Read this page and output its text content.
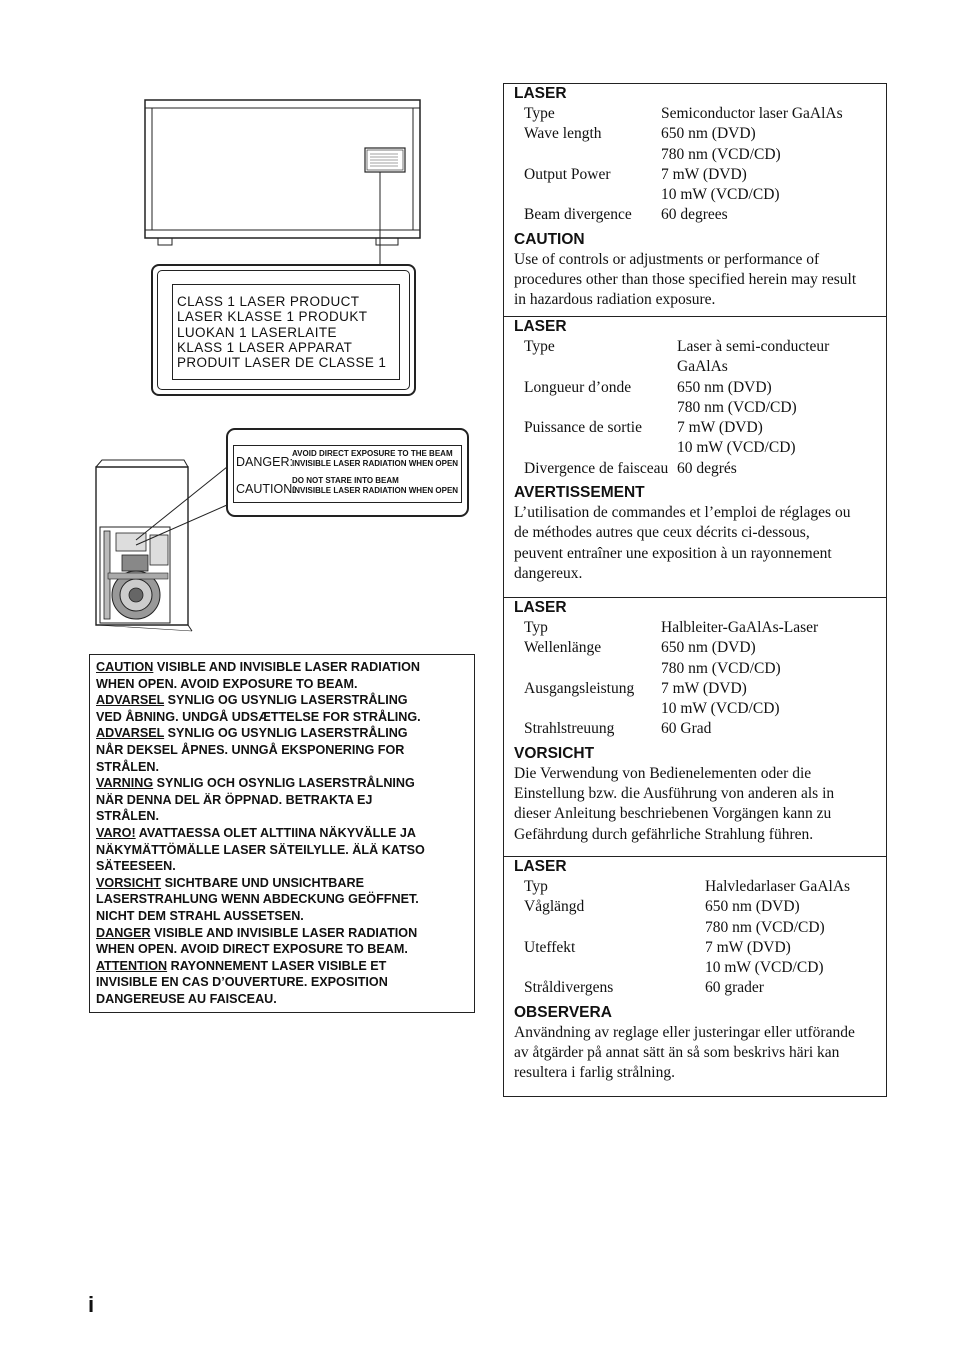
CLASS 1 LASER PRODUCT
LASER KLASSE 1 PRODUKT
LUOKAN 1 LASERLAITE
KLASS 1 LASER APPARAT
PRODUIT LASER DE CLASSE 1
DANGER:
AVOID DIRECT EXPOSURE TO THE BEAM
INVISIBLE LASER RADIATION WHEN OPEN
CAUTION:
DO NOT STARE INTO BEAM
INVISIBLE LASER RADIATION WHEN OPEN
CAUTION VISIBLE AND INVISIBLE LASER RADIATION
WHEN OPEN. AVOID EXPOSURE TO BEAM.
ADVARSEL SYNLIG OG USYNLIG LASERSTRÅLING
VED ÅBNING. UNDGÅ UDSÆTTELSE FOR STRÅLING.
ADVARSEL SYNLIG OG USYNLIG LASERSTRÅLING
NÅR DEKSEL ÅPNES. UNNGÅ EKSPONERING FOR
STRÅLEN.
VARNING SYNLIG OCH OSYNLIG LASERSTRÅLNING
NÄR DENNA DEL ÄR ÖPPNAD. BETRAKTA EJ
STRÅLEN.
VARO! AVATTAESSA OLET ALTTIINA NÄKYVÄLLE JA
NÄKYMÄTTÖMÄLLE LASER SÄTEILYLLE. ÄLÄ KATSO
SÄTEESEEN.
VORSICHT SICHTBARE UND UNSICHTBARE
LASERSTRAHLUNG WENN ABDECKUNG GEÖFFNET.
NICHT DEM STRAHL AUSSETSEN.
DANGER VISIBLE AND INVISIBLE LASER RADIATION
WHEN OPEN. AVOID DIRECT EXPOSURE TO BEAM.
ATTENTION RAYONNEMENT LASER VISIBLE ET
INVISIBLE EN CAS D’OUVERTURE. EXPOSITION
DANGEREUSE AU FAISCEAU.
LASER
Type	Semiconductor laser GaAlAs
Wave length	650 nm (DVD)
780 nm (VCD/CD)
Output Power	7 mW (DVD)
10 mW (VCD/CD)
Beam divergence	60 degrees
CAUTION
Use of controls or adjustments or performance of
procedures other than those specified herein may result
in hazardous radiation exposure.
LASER
Type	Laser à semi-conducteur
GaAlAs
Longueur d’onde	650 nm (DVD)
780 nm (VCD/CD)
Puissance de sortie	7 mW (DVD)
10 mW (VCD/CD)
Divergence de faisceau 60 degrés
AVERTISSEMENT
L’utilisation de commandes et l’emploi de réglages ou
de méthodes autres que ceux décrits ci-dessous,
peuvent entraîner une exposition à un rayonnement
dangereux.
LASER
Typ	Halbleiter-GaAlAs-Laser
Wellenlänge	650 nm (DVD)
780 nm (VCD/CD)
Ausgangsleistung	7 mW (DVD)
10 mW (VCD/CD)
Strahlstreuung	60 Grad
VORSICHT
Die Verwendung von Bedienelementen oder die
Einstellung bzw. die Ausführung von anderen als in
dieser Anleitung beschriebenen Vorgängen kann zu
Gefährdung durch gefährliche Strahlung führen.
LASER
Typ	Halvledarlaser GaAlAs
Våglängd	650 nm (DVD)
780 nm (VCD/CD)
Uteffekt	7 mW (DVD)
10 mW (VCD/CD)
Stråldivergens	60 grader
OBSERVERA
Användning av reglage eller justeringar eller utförande
av åtgärder på annat sätt än så som beskrivs häri kan
resultera i farlig strålning.
i
